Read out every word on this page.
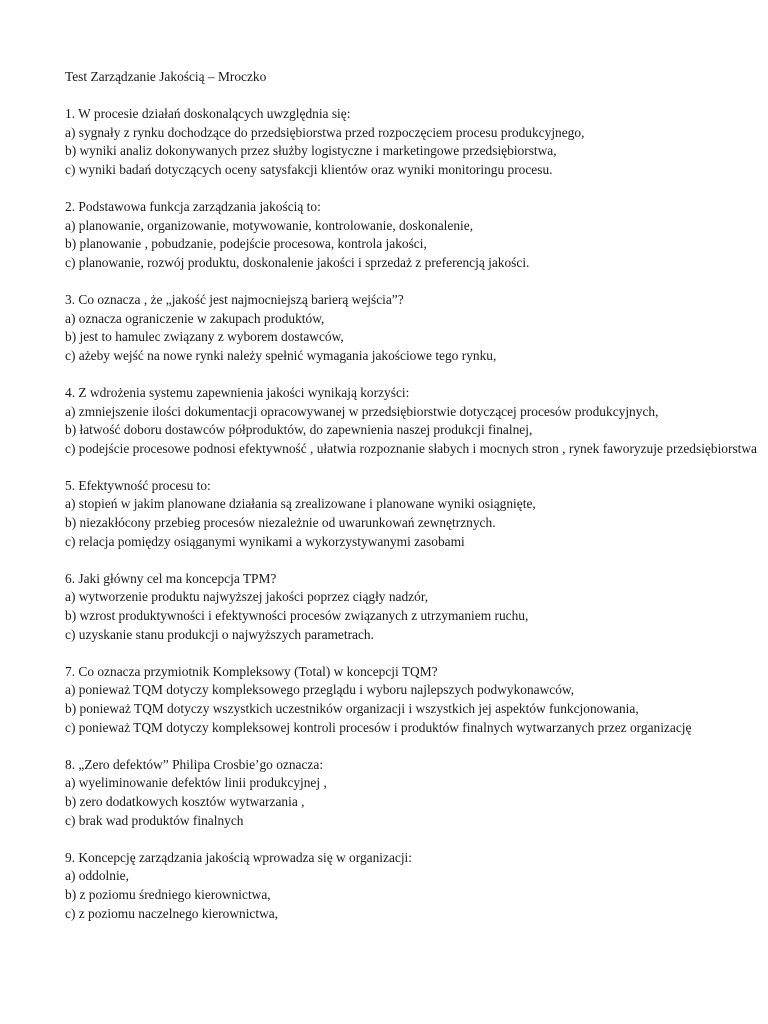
Test Zarządzanie Jakością – Mroczko
1. W procesie działań doskonalących uwzględnia się:
a) sygnały z rynku dochodzące do przedsiębiorstwa przed rozpoczęciem procesu produkcyjnego,
b) wyniki analiz dokonywanych przez służby logistyczne i marketingowe przedsiębiorstwa,
c) wyniki badań dotyczących oceny satysfakcji klientów oraz wyniki monitoringu procesu.
2. Podstawowa funkcja zarządzania jakością to:
a) planowanie, organizowanie, motywowanie, kontrolowanie, doskonalenie,
b) planowanie , pobudzanie, podejście procesowa, kontrola jakości,
c) planowanie, rozwój produktu, doskonalenie jakości i sprzedaż z preferencją jakości.
3. Co oznacza , że „jakość jest najmocniejszą barierą wejścia”?
a) oznacza ograniczenie w zakupach produktów,
b) jest to hamulec związany z wyborem dostawców,
c) ażeby wejść na nowe rynki należy spełnić wymagania jakościowe tego rynku,
4. Z wdrożenia systemu zapewnienia jakości wynikają korzyści:
a) zmniejszenie ilości dokumentacji opracowywanej w przedsiębiorstwie dotyczącej procesów produkcyjnych,
b) łatwość doboru dostawców półproduktów, do zapewnienia naszej produkcji finalnej,
c) podejście procesowe podnosi efektywność , ułatwia rozpoznanie słabych i mocnych stron , rynek faworyzuje przedsiębiorstwa
5. Efektywność procesu to:
a) stopień w jakim planowane działania są zrealizowane i planowane wyniki osiągnięte,
b) niezakłócony przebieg procesów niezależnie od uwarunkowań zewnętrznych.
c) relacja pomiędzy osiąganymi wynikami a wykorzystywanymi zasobami
6. Jaki główny cel ma koncepcja TPM?
a) wytworzenie produktu najwyższej jakości poprzez ciągły nadzór,
b) wzrost produktywności i efektywności procesów związanych z utrzymaniem ruchu,
c) uzyskanie stanu produkcji o najwyższych parametrach.
7. Co oznacza przymiotnik Kompleksowy (Total) w koncepcji TQM?
a) ponieważ TQM dotyczy kompleksowego przeglądu i wyboru najlepszych podwykonawców,
b) ponieważ TQM dotyczy wszystkich uczestników organizacji i wszystkich jej aspektów funkcjonowania,
c) ponieważ TQM dotyczy kompleksowej kontroli procesów i produktów finalnych wytwarzanych przez organizację
8. „Zero defektów” Philipa Crosbie’go oznacza:
a) wyeliminowanie defektów linii produkcyjnej ,
b) zero dodatkowych kosztów wytwarzania ,
c) brak wad produktów finalnych
9. Koncepcję zarządzania jakością wprowadza się w organizacji:
a) oddolnie,
b) z poziomu średniego kierownictwa,
c) z poziomu naczelnego kierownictwa,
